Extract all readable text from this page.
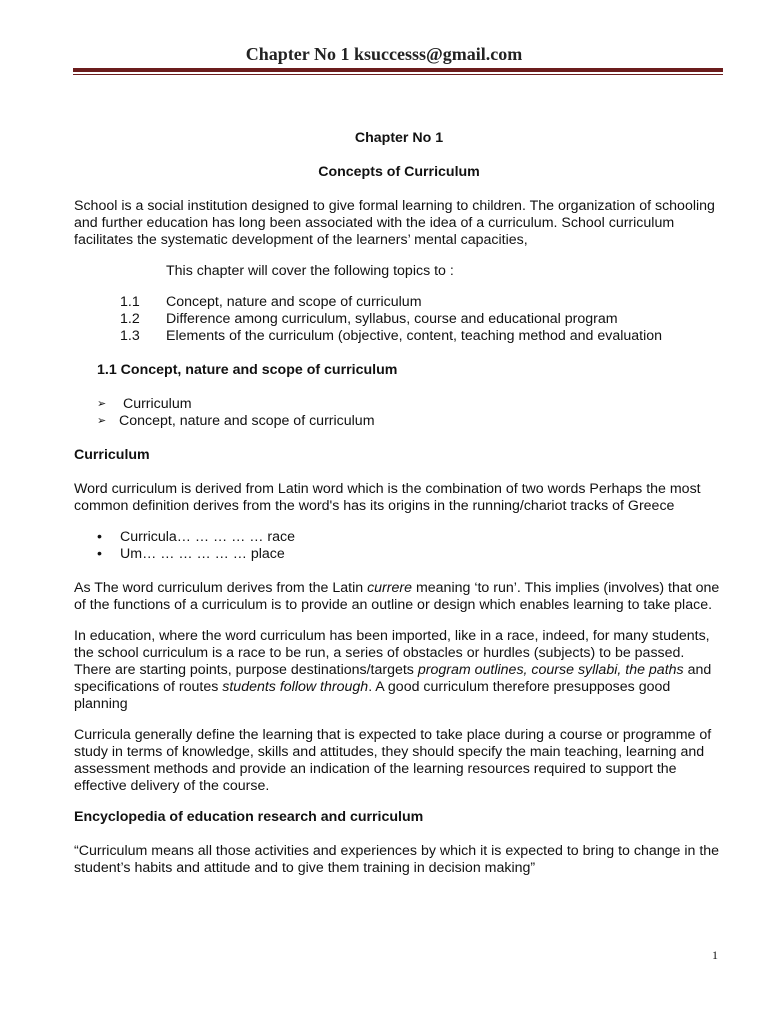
Chapter No 1 ksuccesss@gmail.com

Chapter No 1

Concepts of Curriculum

School is a social institution designed to give formal learning to children. The organization of schooling and further education has long been associated with the idea of a curriculum. School curriculum facilitates the systematic development of the learners’ mental capacities,

This chapter will cover the following topics to :

1.1	Concept, nature and scope of curriculum
1.2	Difference among curriculum, syllabus, course and educational program
1.3	Elements of the curriculum (objective, content, teaching method and evaluation

1.1 Concept, nature and scope of curriculum

➢ Curriculum
➢ Concept, nature and scope of curriculum

Curriculum

Word curriculum is derived from Latin word which is the combination of two words Perhaps the most common definition derives from the word's has its origins in the running/chariot tracks of Greece

•	Curricula… … … … … race
•	Um… … … … … … place

As The word curriculum derives from the Latin currere meaning ‘to run’. This implies (involves) that one of the functions of a curriculum is to provide an outline or design which enables learning to take place.

In education, where the word curriculum has been imported, like in a race, indeed, for many students, the school curriculum is a race to be run, a series of obstacles or hurdles (subjects) to be passed. There are starting points, purpose destinations/targets program outlines, course syllabi, the paths and specifications of routes students follow through. A good curriculum therefore presupposes good planning

Curricula generally define the learning that is expected to take place during a course or programme of study in terms of knowledge, skills and attitudes, they should specify the main teaching, learning and assessment methods and provide an indication of the learning resources required to support the effective delivery of the course.

Encyclopedia of education research and curriculum

“Curriculum means all those activities and experiences by which it is expected to bring to change in the student’s habits and attitude and to give them training in decision making”

1
